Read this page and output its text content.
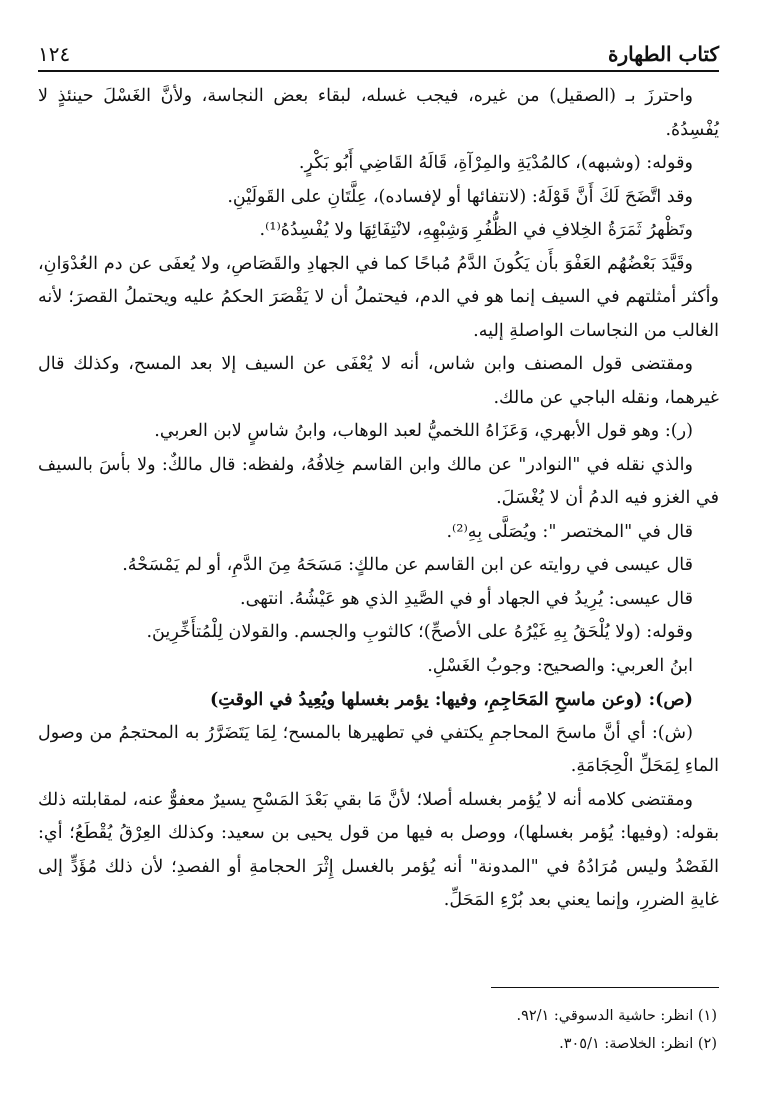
كتاب الطهارة
١٢٤

واحترزَ بـ (الصقيل) من غيره، فيجب غسله، لبقاء بعض النجاسة، ولأنَّ الغَسْلَ حينئذٍ لا يُفْسِدُهُ.

وقوله: (وشبهه)، كالمُدْيَةِ والمِرْآةِ، قَالَهُ القَاضِي أَبُو بَكْرٍ.

وقد اتَّضَحَ لَكَ أَنَّ قَوْلَهُ: (لانتفائها أو لإفساده)، عِلَّتَانِ على القَولَيْنِ.

وتَظْهرُ ثَمَرَةُ الخِلافِ في الظُّفُرِ وَشِبْهِهِ، لانْتِفَائِهَا ولا يُفْسِدُهُ⁽¹⁾.

وقَيَّدَ بَعْضُهُم العَفْوَ بأَن يَكُونَ الدَّمُ مُباحًا كما في الجهادِ والقَصَاصِ، ولا يُعفَى عن دم العُدْوَانِ، وأكثر أمثلتهم في السيف إنما هو في الدم، فيحتملُ أن لا يَقْصَرَ الحكمُ عليه ويحتملُ القصرَ؛ لأنه الغالب من النجاسات الواصلةِ إليه.

ومقتضى قول المصنف وابن شاس، أنه لا يُعْفَى عن السيف إلا بعد المسح، وكذلك قال غيرهما، ونقله الباجي عن مالك.

(ر): وهو قول الأبهري، وَعَزَاهُ اللخميُّ لعبد الوهاب، وابنُ شاسٍ لابن العربي.

والذي نقله في "النوادر" عن مالك وابن القاسم خِلافُهُ، ولفظه: قال مالكٌ: ولا بأسَ بالسيف في الغزو فيه الدمُ أن لا يُغْسَلَ.

قال في "المختصر ": ويُصَلَّى بِهِ⁽²⁾.

قال عيسى في روايته عن ابن القاسم عن مالكٍ: مَسَحَهُ مِنَ الدَّمِ، أو لم يَمْسَحْهُ.

قال عيسى: يُرِيدُ في الجهاد أو في الصَّيدِ الذي هو عَيْشُهُ. انتهى.

وقوله: (ولا يُلْحَقُ بِهِ غَيْرُهُ على الأصحِّ)؛ كالثوبِ والجسم. والقولان لِلْمُتأَخِّرِينَ.

ابنُ العربي: والصحيح: وجوبُ الغَسْلِ.

(ص): (وعن ماسحِ المَحَاجِمِ، وفيها: يؤمر بغسلها ويُعِيدُ في الوقتِ)

(ش): أي أنَّ ماسحَ المحاجمِ يكتفي في تطهيرها بالمسح؛ لِمَا يَتَضَرَّرُ به المحتجمُ من وصول الماءِ لِمَحَلِّ الْحِجَامَةِ.

ومقتضى كلامه أنه لا يُؤمر بغسله أصلا؛ لأنَّ مَا بقي بَعْدَ المَسْحِ يسيرٌ معفوٌّ عنه، لمقابلته ذلك بقوله: (وفيها: يُؤمر بغسلها)، ووصل به فيها من قول يحيى بن سعيد: وكذلك العِرْقُ يُقْطَعُ؛ أي: الفَصْدُ وليس مُرَادُهُ في "المدونة" أنه يُؤمر بالغسل إِثْرَ الحجامةِ أو الفصدِ؛ لأن ذلك مُؤَدٍّ إلى غايةِ الضررِ، وإنما يعني بعد بُرْءِ المَحَلِّ.

(١) انظر: حاشية الدسوقي: ٩٢/١.

(٢) انظر: الخلاصة: ٣٠٥/١.
